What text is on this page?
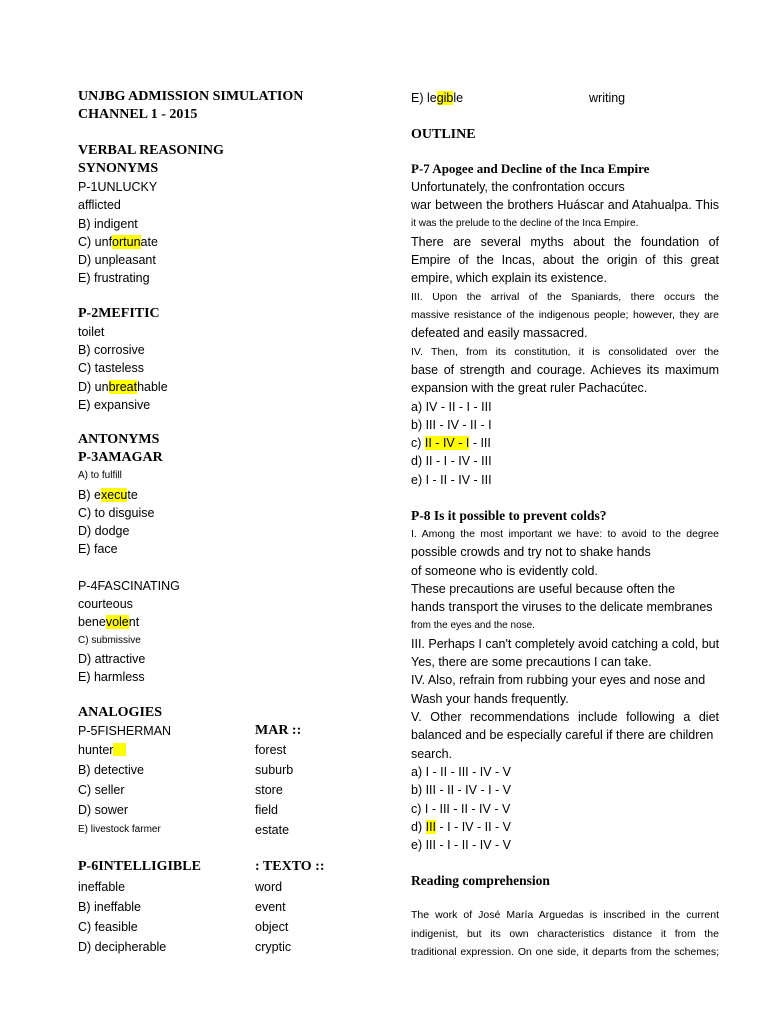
UNJBG ADMISSION SIMULATION
CHANNEL 1 - 2015
VERBAL REASONING
SYNONYMS
P-1UNLUCKY
afflicted
B) indigent
C) unfortunate
D) unpleasant
E) frustrating
P-2MEFITIC
toilet
B) corrosive
C) tasteless
D) unbreathable
E) expansive
ANTONYMS
P-3AMAGAR
A) to fulfill
B) execute
C) to disguise
D) dodge
E) face
P-4FASCINATING
courteous
benevolent
C) submissive
D) attractive
E) harmless
ANALOGIES
P-5FISHERMAN	MAR ::
hunter	forest
B) detective	suburb
C) seller	store
D) sower	field
E) livestock farmer	estate
P-6INTELLIGIBLE	: TEXTO ::
ineffable	word
B) ineffable	event
C) feasible	object
D) decipherable	cryptic
E) legible	writing
OUTLINE
P-7 Apogee and Decline of the Inca Empire
Unfortunately, the confrontation occurs
war between the brothers Huáscar and Atahualpa. This
it was the prelude to the decline of the Inca Empire.
There are several myths about the foundation of
Empire of the Incas, about the origin of this great
empire, which explain its existence.
III. Upon the arrival of the Spaniards, there occurs the
massive resistance of the indigenous people; however, they are
defeated and easily massacred.
IV. Then, from its constitution, it is consolidated over the
base of strength and courage. Achieves its maximum
expansion with the great ruler Pachacútec.
a) IV - II - I - III
b) III - IV - II - I
c) II - IV - I - III
d) II - I - IV - III
e) I - II - IV - III
P-8 Is it possible to prevent colds?
I. Among the most important we have: to avoid to the degree
possible crowds and try not to shake hands
of someone who is evidently cold.
These precautions are useful because often the
hands transport the viruses to the delicate membranes
from the eyes and the nose.
III. Perhaps I can't completely avoid catching a cold, but
Yes, there are some precautions I can take.
IV. Also, refrain from rubbing your eyes and nose and
Wash your hands frequently.
V. Other recommendations include following a diet
balanced and be especially careful if there are children
search.
a) I - II - III - IV - V
b) III - II - IV - I - V
c) I - III - II - IV - V
d) III - I - IV - II - V
e) III - I - II - IV - V
Reading comprehension
The work of José María Arguedas is inscribed in the current
indigenist, but its own characteristics distance it from the
traditional expression. On one side, it departs from the schemes;
